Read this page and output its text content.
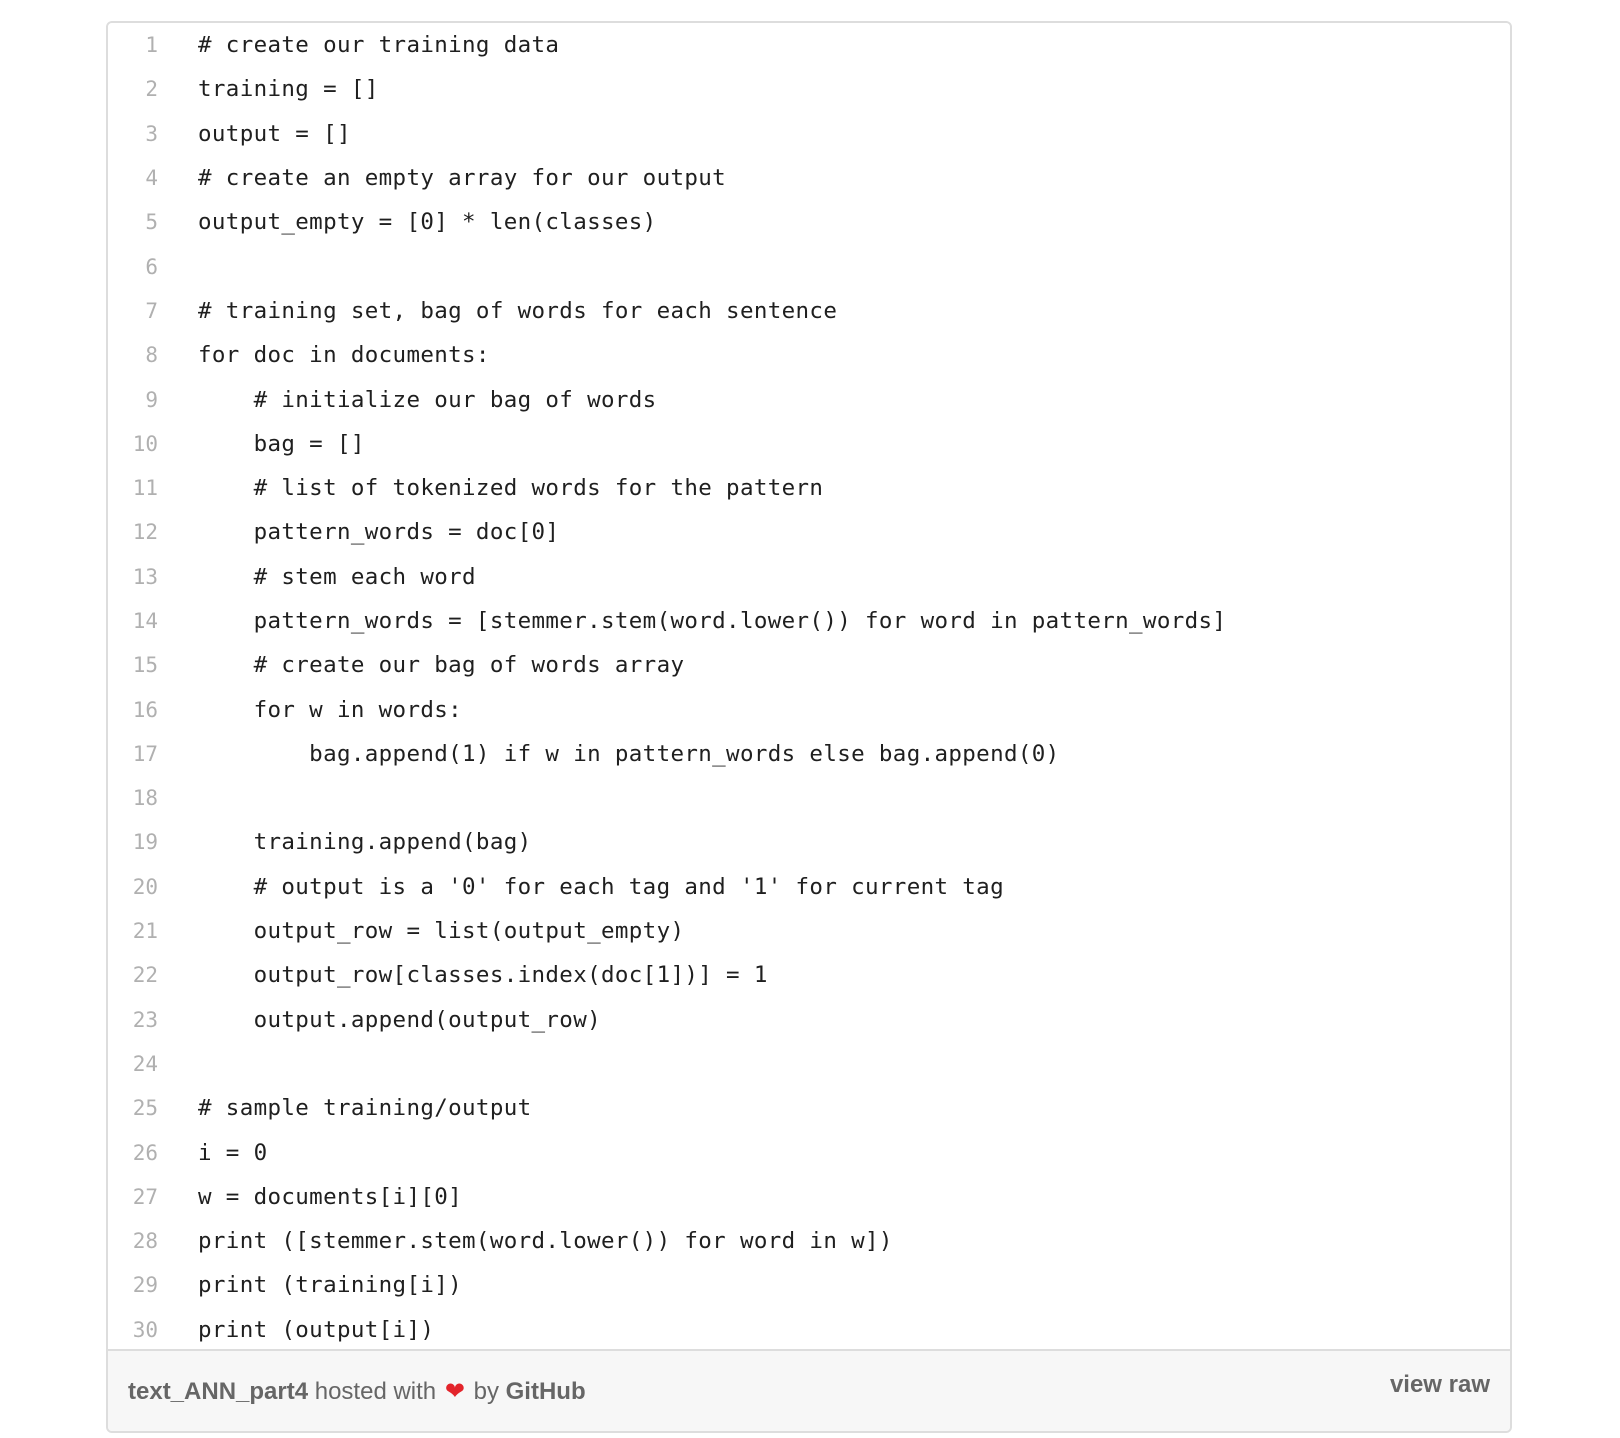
1	# create our training data
2	training = []
3	output = []
4	# create an empty array for our output
5	output_empty = [0] * len(classes)
6	
7	# training set, bag of words for each sentence
8	for doc in documents:
9	# initialize our bag of words
10	bag = []
11	# list of tokenized words for the pattern
12	pattern_words = doc[0]
13	# stem each word
14	pattern_words = [stemmer.stem(word.lower()) for word in pattern_words]
15	# create our bag of words array
16	for w in words:
17	bag.append(1) if w in pattern_words else bag.append(0)
18	
19	training.append(bag)
20	# output is a '0' for each tag and '1' for current tag
21	output_row = list(output_empty)
22	output_row[classes.index(doc[1])] = 1
23	output.append(output_row)
24	
25	# sample training/output
26	i = 0
27	w = documents[i][0]
28	print ([stemmer.stem(word.lower()) for word in w])
29	print (training[i])
30	print (output[i])
text_ANN_part4 hosted with ❤ by GitHub	view raw
